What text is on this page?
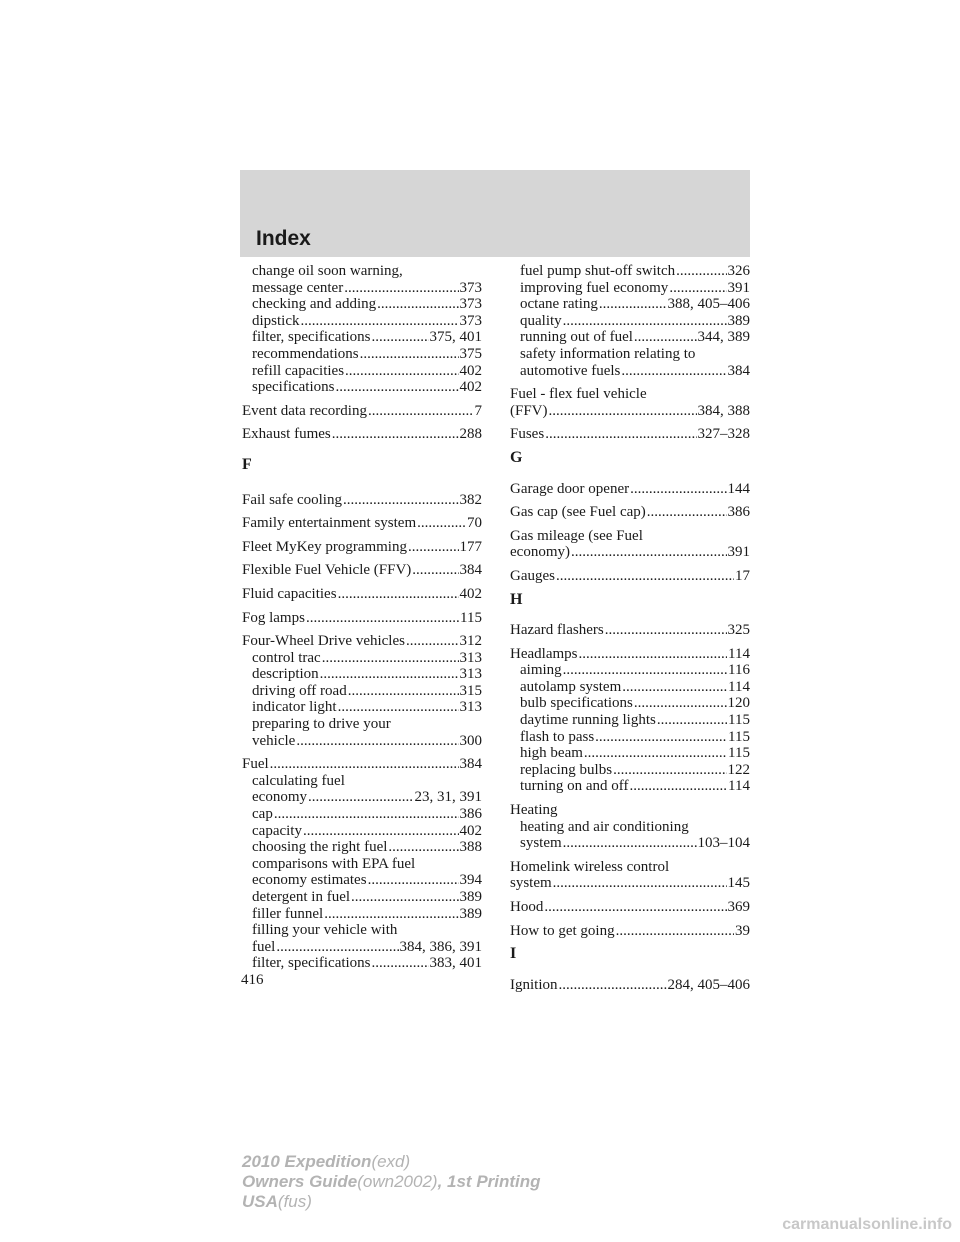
Index
change oil soon warning,
message center .....	373
checking and adding .....	373
dipstick .....	373
filter, specifications .....	375, 401
recommendations .....	375
refill capacities .....	402
specifications .....	402
Event data recording .....	7
Exhaust fumes .....	288
F
Fail safe cooling .....	382
Family entertainment system .....	70
Fleet MyKey programming .....	177
Flexible Fuel Vehicle (FFV) .....	384
Fluid capacities .....	402
Fog lamps .....	115
Four-Wheel Drive vehicles .....	312
control trac .....	313
description .....	313
driving off road .....	315
indicator light .....	313
preparing to drive your
vehicle .....	300
Fuel .....	384
calculating fuel
economy .....	23, 31, 391
cap .....	386
capacity .....	402
choosing the right fuel .....	388
comparisons with EPA fuel
economy estimates .....	394
detergent in fuel .....	389
filler funnel .....	389
filling your vehicle with
fuel .....	384, 386, 391
filter, specifications .....	383, 401
fuel pump shut-off switch .....	326
improving fuel economy .....	391
octane rating .....	388, 405–406
quality .....	389
running out of fuel .....	344, 389
safety information relating to
automotive fuels .....	384
Fuel - flex fuel vehicle
(FFV) .....	384, 388
Fuses .....	327–328
G
Garage door opener .....	144
Gas cap (see Fuel cap) .....	386
Gas mileage (see Fuel
economy) .....	391
Gauges .....	17
H
Hazard flashers .....	325
Headlamps .....	114
aiming .....	116
autolamp system .....	114
bulb specifications .....	120
daytime running lights .....	115
flash to pass .....	115
high beam .....	115
replacing bulbs .....	122
turning on and off .....	114
Heating
heating and air conditioning
system .....	103–104
Homelink wireless control
system .....	145
Hood .....	369
How to get going .....	39
I
Ignition .....	284, 405–406
416
2010 Expedition(exd)
Owners Guide(own2002), 1st Printing
USA(fus)
carmanualsonline.info
